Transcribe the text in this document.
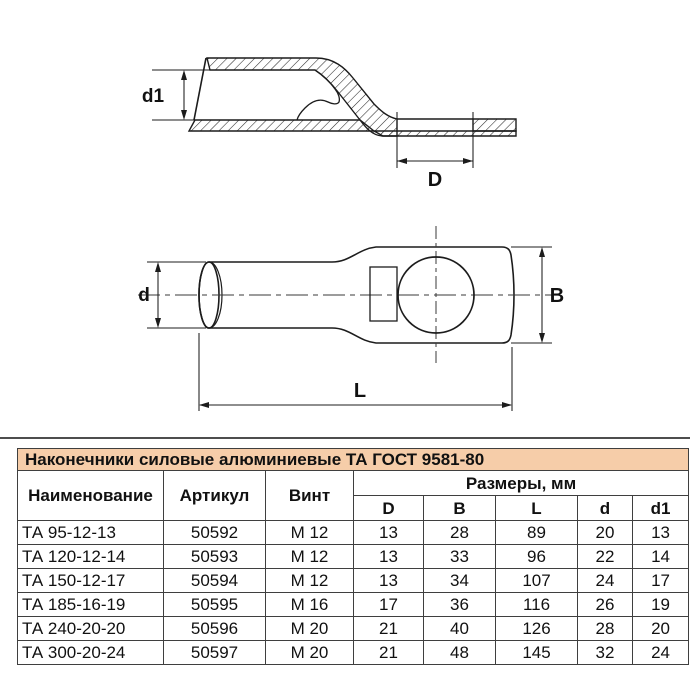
d1
D
d	B
L
Наконечники силовые алюминиевые ТА ГОСТ 9581-80							
Наименование	Артикул	Винт	Размеры, мм				
			D	B	L	d	d1
ТА 95-12-13	50592	М 12	13	28	89	20	13
ТА 120-12-14	50593	М 12	13	33	96	22	14
ТА 150-12-17	50594	М 12	13	34	107	24	17
ТА 185-16-19	50595	М 16	17	36	116	26	19
ТА 240-20-20	50596	М 20	21	40	126	28	20
ТА 300-20-24	50597	М 20	21	48	145	32	24
